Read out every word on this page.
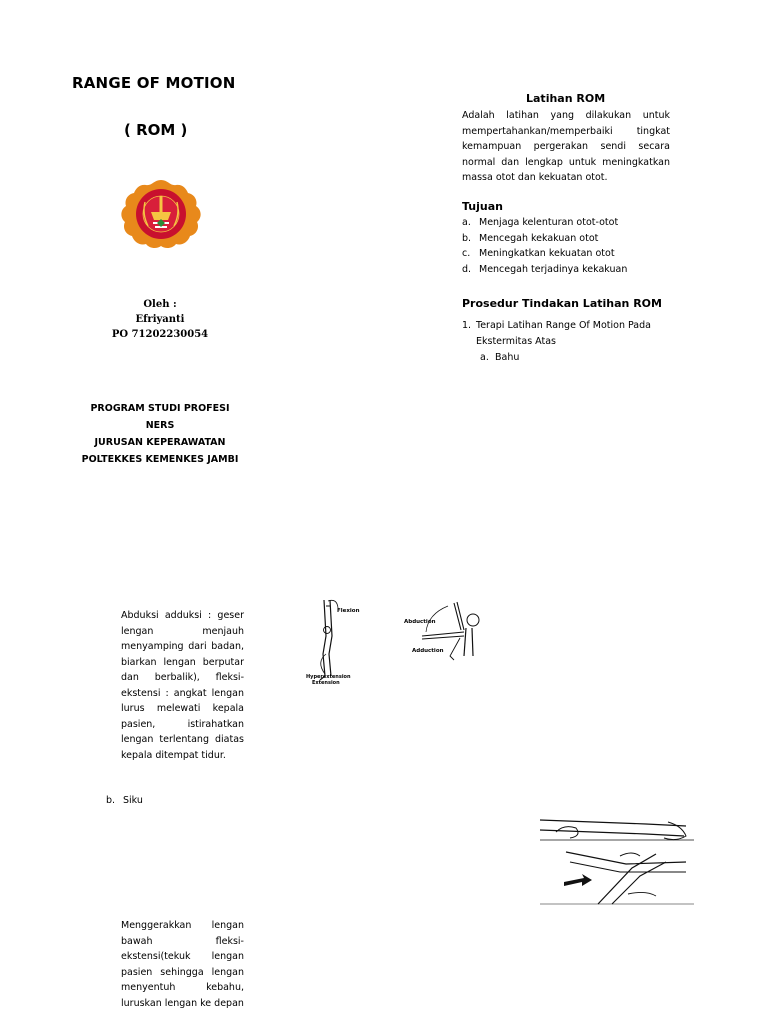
RANGE OF MOTION
( ROM )
Oleh :
Efriyanti
PO 71202230054
PROGRAM STUDI PROFESI
NERS
JURUSAN KEPERAWATAN
POLTEKKES KEMENKES JAMBI
Latihan ROM
Adalah latihan yang dilakukan untuk mempertahankan/memperbaiki tingkat kemampuan pergerakan sendi secara normal dan lengkap untuk meningkatkan massa otot dan kekuatan otot.
Tujuan
a. Menjaga kelenturan otot-otot
b. Mencegah kekakuan otot
c. Meningkatkan kekuatan otot
d. Mencegah terjadinya kekakuan
Prosedur Tindakan Latihan ROM
1. Terapi Latihan Range Of Motion Pada Ekstermitas Atas
a. Bahu
Abduksi adduksi : geser lengan menjauh menyamping dari badan, biarkan lengan berputar dan berbalik), fleksi-ekstensi : angkat lengan lurus melewati kepala pasien, istirahatkan lengan terlentang diatas kepala ditempat tidur.
Flexion
Hyperextension
Extension
Abduction
Adduction
b. Siku
Menggerakkan lengan bawah fleksi-ekstensi(tekuk lengan pasien sehingga lengan menyentuh kebahu, luruskan lengan ke depan
